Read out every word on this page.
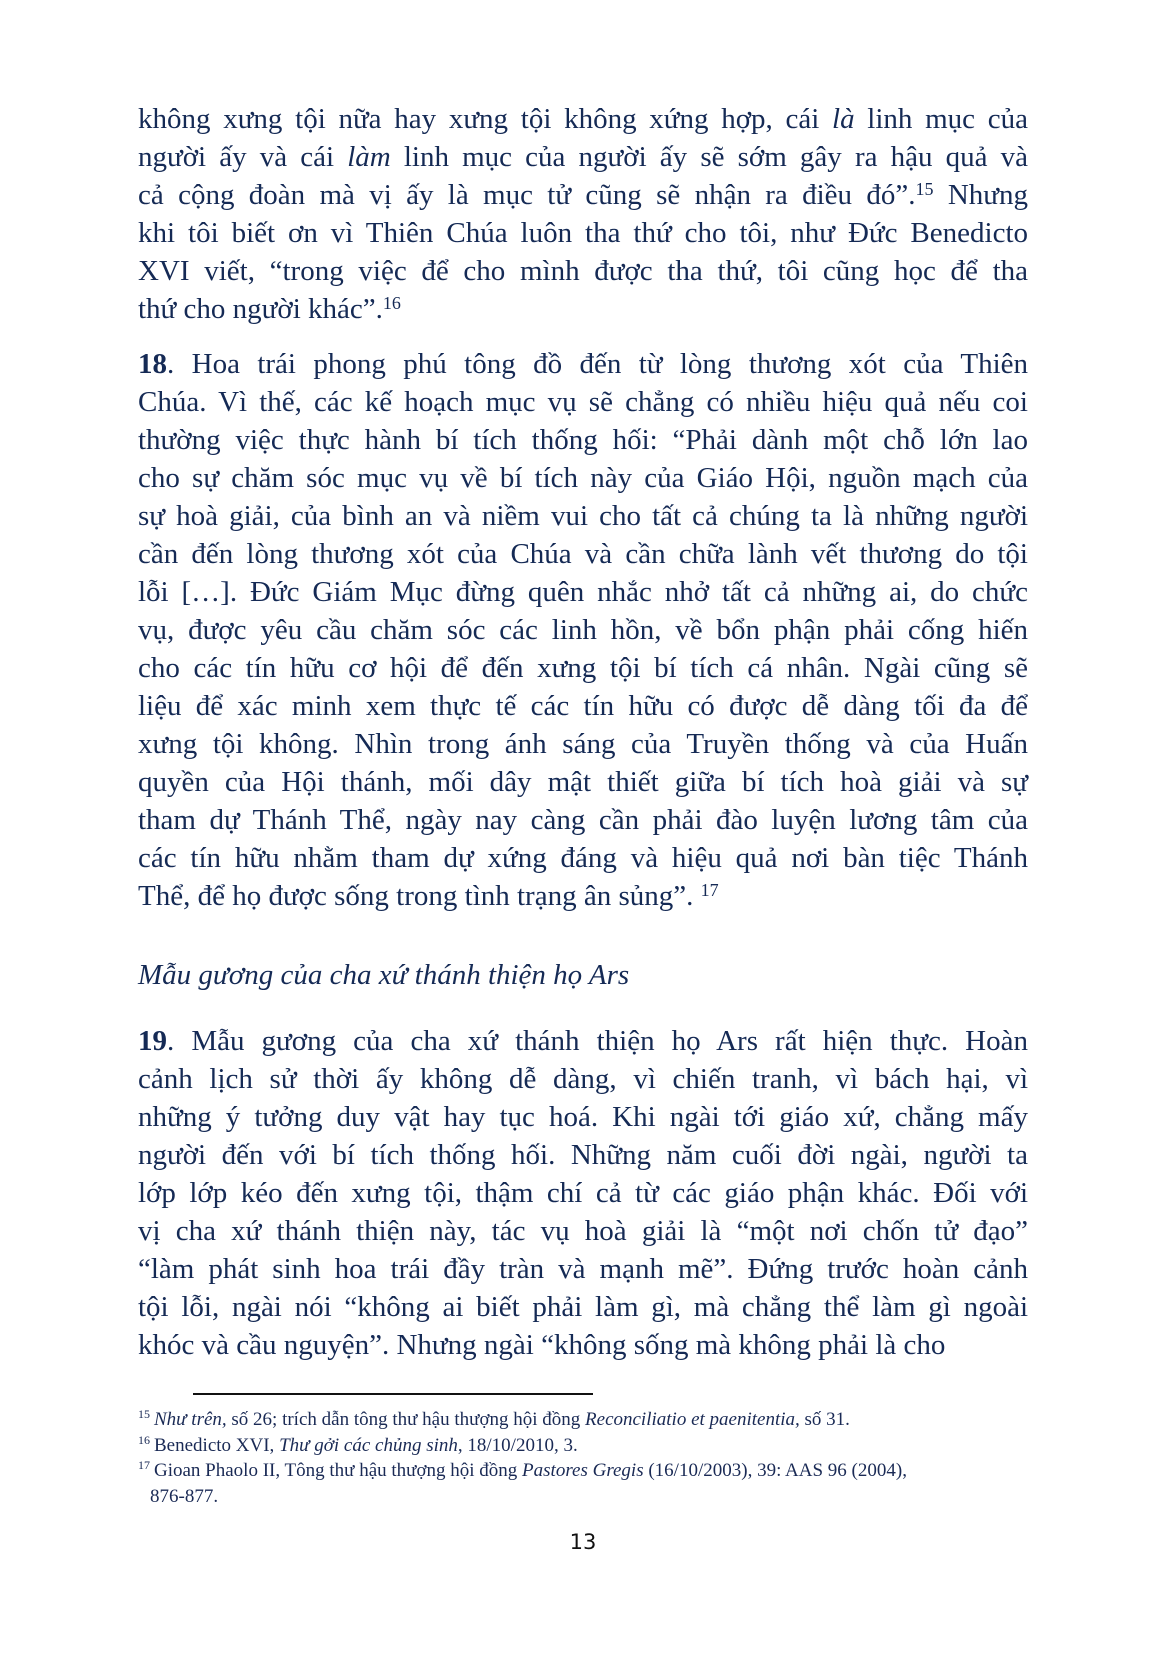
không xưng tội nữa hay xưng tội không xứng hợp, cái là linh mục của
người ấy và cái làm linh mục của người ấy sẽ sớm gây ra hậu quả và
cả cộng đoàn mà vị ấy là mục tử cũng sẽ nhận ra điều đó”.$^{15}$ Nhưng
khi tôi biết ơn vì Thiên Chúa luôn tha thứ cho tôi, như Đức Benedicto
XVI viết, “trong việc để cho mình được tha thứ, tôi cũng học để tha
thứ cho người khác”.$^{16}$
18. Hoa trái phong phú tông đồ đến từ lòng thương xót của Thiên
Chúa. Vì thế, các kế hoạch mục vụ sẽ chẳng có nhiều hiệu quả nếu coi
thường việc thực hành bí tích thống hối: “Phải dành một chỗ lớn lao
cho sự chăm sóc mục vụ về bí tích này của Giáo Hội, nguồn mạch của
sự hoà giải, của bình an và niềm vui cho tất cả chúng ta là những người
cần đến lòng thương xót của Chúa và cần chữa lành vết thương do tội
lỗi […]. Đức Giám Mục đừng quên nhắc nhở tất cả những ai, do chức
vụ, được yêu cầu chăm sóc các linh hồn, về bổn phận phải cống hiến
cho các tín hữu cơ hội để đến xưng tội bí tích cá nhân. Ngài cũng sẽ
liệu để xác minh xem thực tế các tín hữu có được dễ dàng tối đa để
xưng tội không. Nhìn trong ánh sáng của Truyền thống và của Huấn
quyền của Hội thánh, mối dây mật thiết giữa bí tích hoà giải và sự
tham dự Thánh Thể, ngày nay càng cần phải đào luyện lương tâm của
các tín hữu nhằm tham dự xứng đáng và hiệu quả nơi bàn tiệc Thánh
Thể, để họ được sống trong tình trạng ân sủng”. $^{17}$
Mẫu gương của cha xứ thánh thiện họ Ars
19. Mẫu gương của cha xứ thánh thiện họ Ars rất hiện thực. Hoàn
cảnh lịch sử thời ấy không dễ dàng, vì chiến tranh, vì bách hại, vì
những ý tưởng duy vật hay tục hoá. Khi ngài tới giáo xứ, chẳng mấy
người đến với bí tích thống hối. Những năm cuối đời ngài, người ta
lớp lớp kéo đến xưng tội, thậm chí cả từ các giáo phận khác. Đối với
vị cha xứ thánh thiện này, tác vụ hoà giải là “một nơi chốn tử đạo”
“làm phát sinh hoa trái đầy tràn và mạnh mẽ”. Đứng trước hoàn cảnh
tội lỗi, ngài nói “không ai biết phải làm gì, mà chẳng thể làm gì ngoài
khóc và cầu nguyện”. Nhưng ngài “không sống mà không phải là cho
$^{15}$ Như trên, số 26; trích dẫn tông thư hậu thượng hội đồng Reconciliatio et paenitentia, số 31.
$^{16}$ Benedicto XVI, Thư gởi các chủng sinh, 18/10/2010, 3.
$^{17}$ Gioan Phaolo II, Tông thư hậu thượng hội đồng Pastores Gregis (16/10/2003), 39: AAS 96 (2004),
876-877.
13
